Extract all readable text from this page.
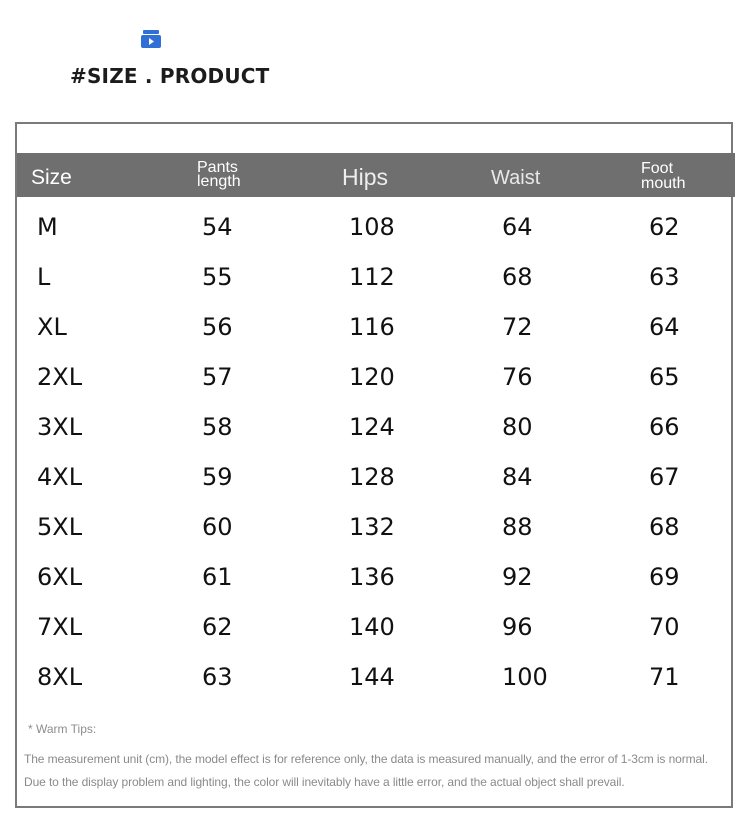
#SIZE . PRODUCT
Size	Pants length	Hips	Waist	Foot mouth
M	54	108	64	62
L	55	112	68	63
XL	56	116	72	64
2XL	57	120	76	65
3XL	58	124	80	66
4XL	59	128	84	67
5XL	60	132	88	68
6XL	61	136	92	69
7XL	62	140	96	70
8XL	63	144	100	71
* Warm Tips:
The measurement unit (cm), the model effect is for reference only, the data is measured manually, and the error of 1-3cm is normal. Due to the display problem and lighting, the color will inevitably have a little error, and the actual object shall prevail.
